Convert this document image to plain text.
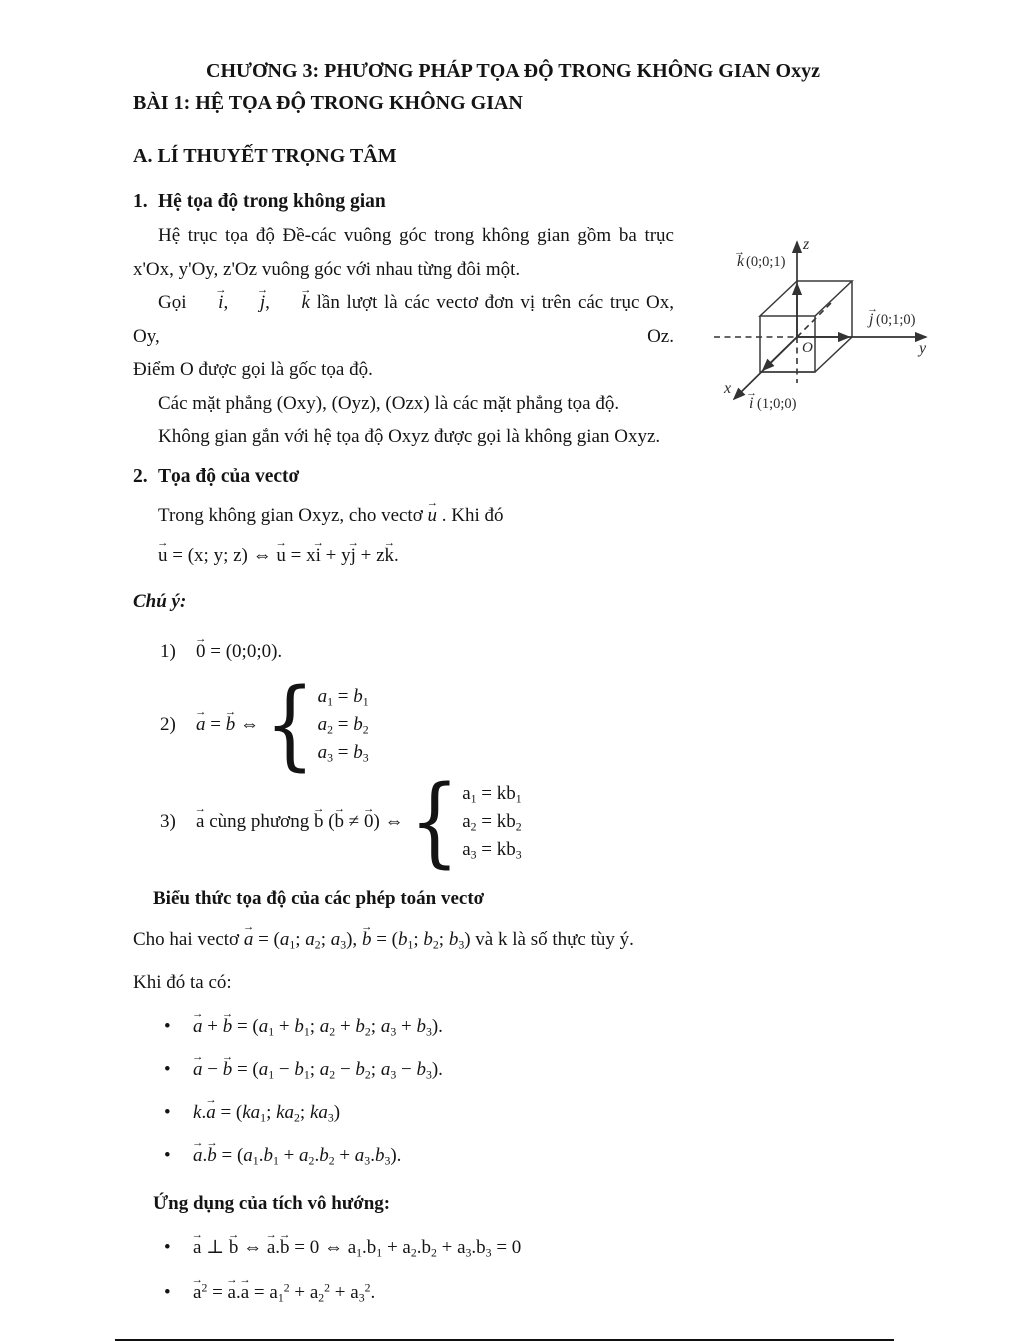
CHƯƠNG 3: PHƯƠNG PHÁP TỌA ĐỘ TRONG KHÔNG GIAN Oxyz
BÀI 1: HỆ TỌA ĐỘ TRONG KHÔNG GIAN
A. LÍ THUYẾT TRỌNG TÂM
1. Hệ tọa độ trong không gian
Hệ trục tọa độ Đề-các vuông góc trong không gian gồm ba trục
x'Ox, y'Oy, z'Oz vuông góc với nhau từng đôi một.
Gọi
→
i,
→
j,
→
k lần lượt là các vectơ đơn vị trên các trục Ox, Oy, Oz.
Điểm O được gọi là gốc tọa độ.
Các mặt phẳng (Oxy), (Oyz), (Ozx) là các mặt phẳng tọa độ.
Không gian gắn với hệ tọa độ Oxyz được gọi là không gian Oxyz.
z
y
x
O
k
→
(0;0;1)
j
→
(0;1;0)
i
→
(1;0;0)
2. Tọa độ của vectơ
Trong không gian Oxyz, cho vectơ
→
u . Khi đó
→
u = (x; y; z) ⇔
→
u = x
→
i + y
→
j + z
→
k.
Chú ý:
1)
→
0 = (0;0;0).
2)
→
a =
→
b ⇔ { $a_1 = b_1$
$a_2 = b_2$
$a_3 = b_3$
3)
→
a cùng phương
→
b (
→
b ≠
→
0) ⇔ { $a_1 = kb_1$
$a_2 = kb_2$
$a_3 = kb_3$
Biểu thức tọa độ của các phép toán vectơ
Cho hai vectơ
→
$a = (a_1$; $a_2$; $a_3$),
→
$b = (b_1$; $b_2$; $b_3$) và k là số thực tùy ý.
Khi đó ta có:
• →
a +
→
$b = (a_1 + b_1$; $a_2 + b_2$; $a_3 + b_3$).
• →
a −
→
$b = (a_1 - b_1$; $a_2 - b_2$; $a_3 - b_3$).
• k.
→
$a = (ka_1$; $ka_2$; $ka_3$)
• →
a.
→
$b = (a_1.b_1 + a_2.b_2 + a_3.b_3)$.
Ứng dụng của tích vô hướng:
• →
a ⊥
→
b ⇔
→
a.
→
b = 0 ⇔ $a_1.b_1 + a_2.b_2 + a_3.b_3 = 0$
• →
$a^2$ =
→
a.
→
$a = a_1^2 + a_2^2 + a_3^2$.
